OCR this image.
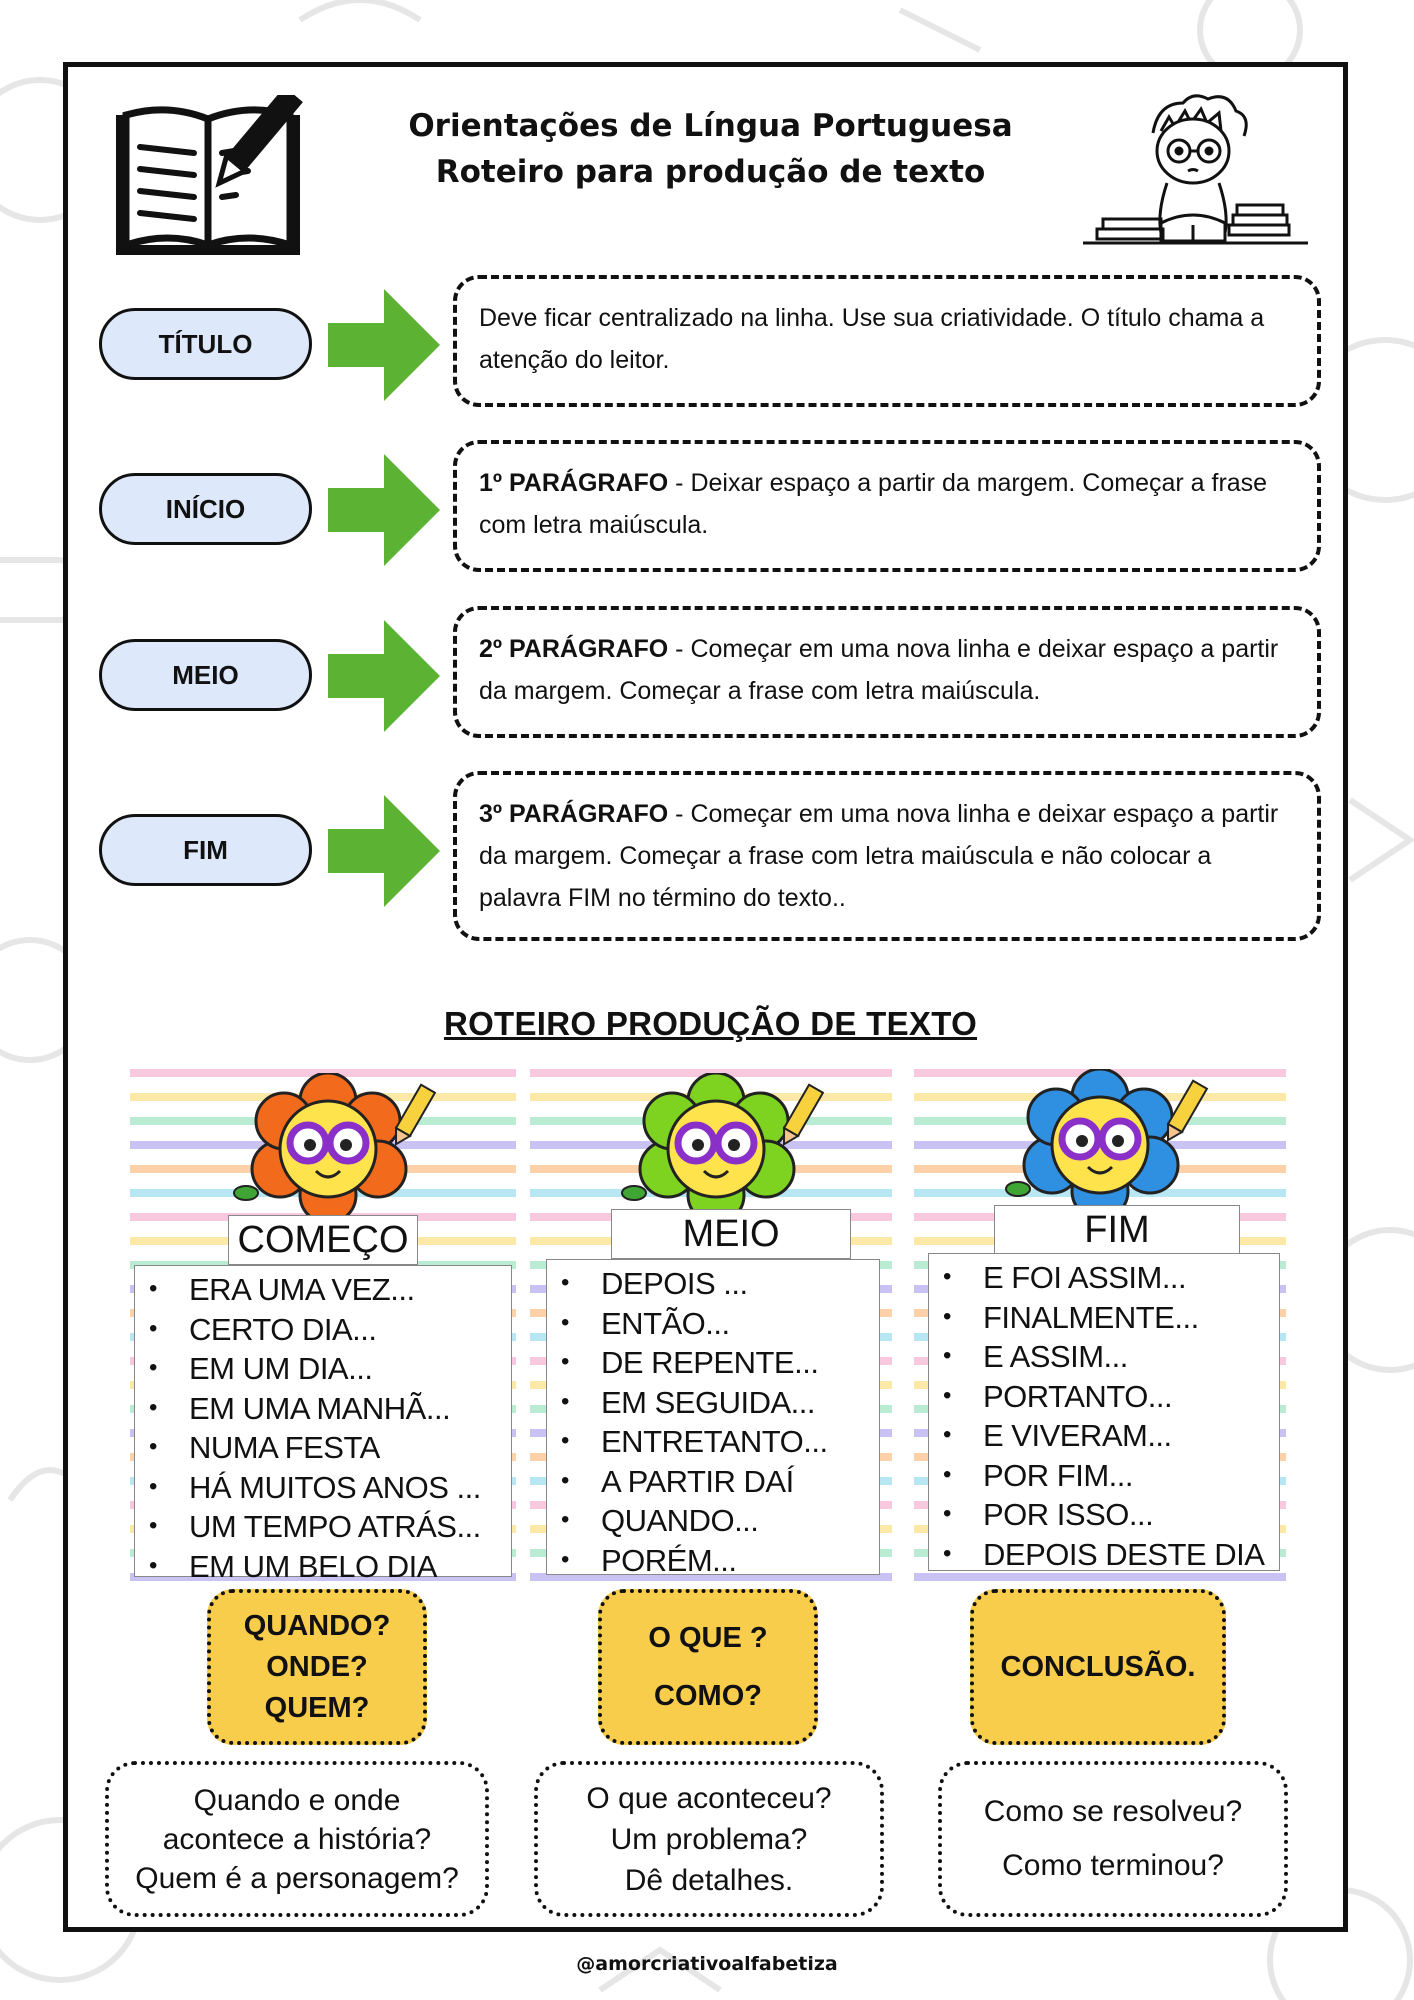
Orientações de Língua Portuguesa
Roteiro para produção de texto
TÍTULO
Deve ficar centralizado na linha. Use sua criatividade. O título chama a atenção do leitor.
INÍCIO
1º PARÁGRAFO - Deixar espaço a partir da margem. Começar a frase com letra maiúscula.
MEIO
2º PARÁGRAFO - Começar em uma nova linha e deixar espaço a partir da margem. Começar a frase com letra maiúscula.
FIM
3º PARÁGRAFO - Começar em uma nova linha e deixar espaço a partir da margem. Começar a frase com letra maiúscula e não colocar a palavra FIM no término do texto..
ROTEIRO PRODUÇÃO DE TEXTO
COMEÇO
• ERA UMA VEZ...
• CERTO DIA...
• EM UM DIA...
• EM UMA MANHÃ...
• NUMA FESTA
• HÁ MUITOS ANOS ...
• UM TEMPO ATRÁS...
• EM UM BELO DIA
MEIO
• DEPOIS ...
• ENTÃO...
• DE REPENTE...
• EM SEGUIDA...
• ENTRETANTO...
• A PARTIR DAÍ
• QUANDO...
• PORÉM...
FIM
• E FOI ASSIM...
• FINALMENTE...
• E ASSIM...
• PORTANTO...
• E VIVERAM...
• POR FIM...
• POR ISSO...
• DEPOIS DESTE DIA
QUANDO?
ONDE?
QUEM?
O QUE ?
COMO?
CONCLUSÃO.
Quando e onde
acontece a história?
Quem é a personagem?
O que aconteceu?
Um problema?
Dê detalhes.
Como se resolveu?
Como terminou?
@amorcriativoalfabetiza
